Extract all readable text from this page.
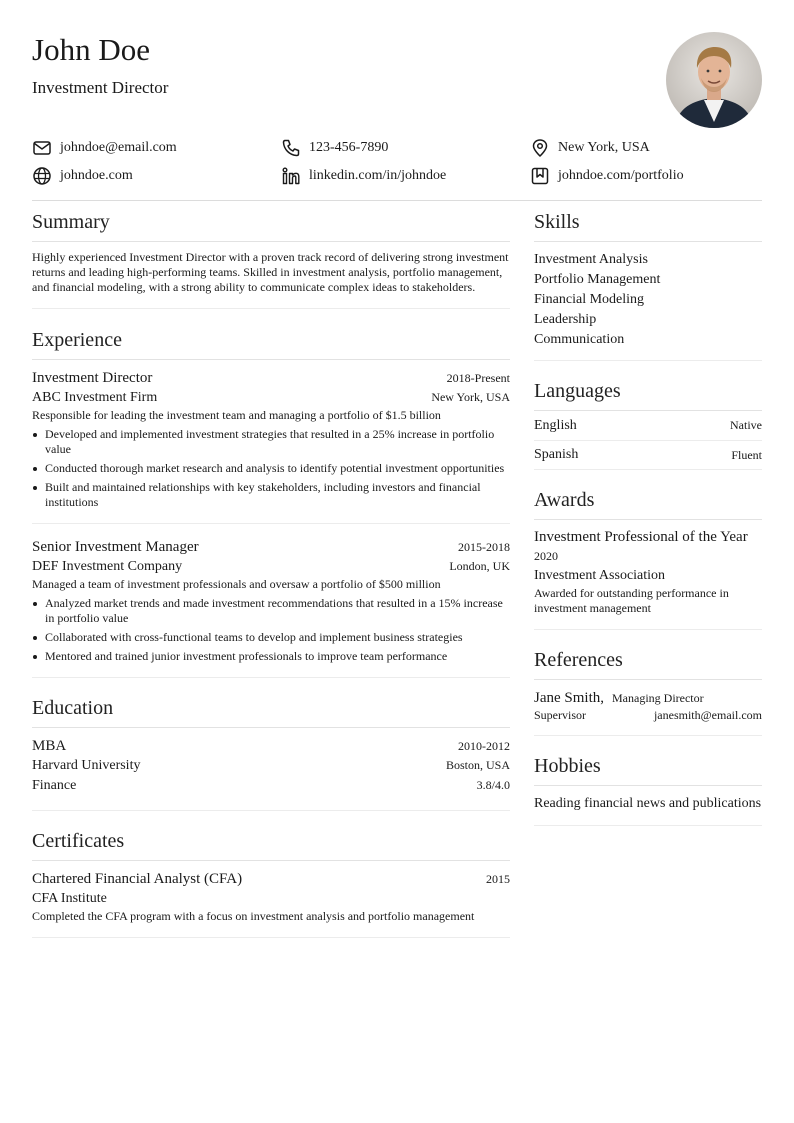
John Doe
Investment Director
johndoe@email.com	123-456-7890	New York, USA
johndoe.com	linkedin.com/in/johndoe	johndoe.com/portfolio
Summary
Highly experienced Investment Director with a proven track record of delivering strong investment returns and leading high-performing teams. Skilled in investment analysis, portfolio management, and financial modeling, with a strong ability to communicate complex ideas to stakeholders.
Experience
Investment Director	2018-Present
ABC Investment Firm	New York, USA
Responsible for leading the investment team and managing a portfolio of $1.5 billion
Developed and implemented investment strategies that resulted in a 25% increase in portfolio value
Conducted thorough market research and analysis to identify potential investment opportunities
Built and maintained relationships with key stakeholders, including investors and financial institutions
Senior Investment Manager	2015-2018
DEF Investment Company	London, UK
Managed a team of investment professionals and oversaw a portfolio of $500 million
Analyzed market trends and made investment recommendations that resulted in a 15% increase in portfolio value
Collaborated with cross-functional teams to develop and implement business strategies
Mentored and trained junior investment professionals to improve team performance
Education
MBA	2010-2012
Harvard University	Boston, USA
Finance	3.8/4.0
Certificates
Chartered Financial Analyst (CFA)	2015
CFA Institute
Completed the CFA program with a focus on investment analysis and portfolio management
Skills
Investment Analysis
Portfolio Management
Financial Modeling
Leadership
Communication
Languages
English	Native
Spanish	Fluent
Awards
Investment Professional of the Year
2020
Investment Association
Awarded for outstanding performance in investment management
References
Jane Smith, Managing Director
Supervisor	janesmith@email.com
Hobbies
Reading financial news and publications
